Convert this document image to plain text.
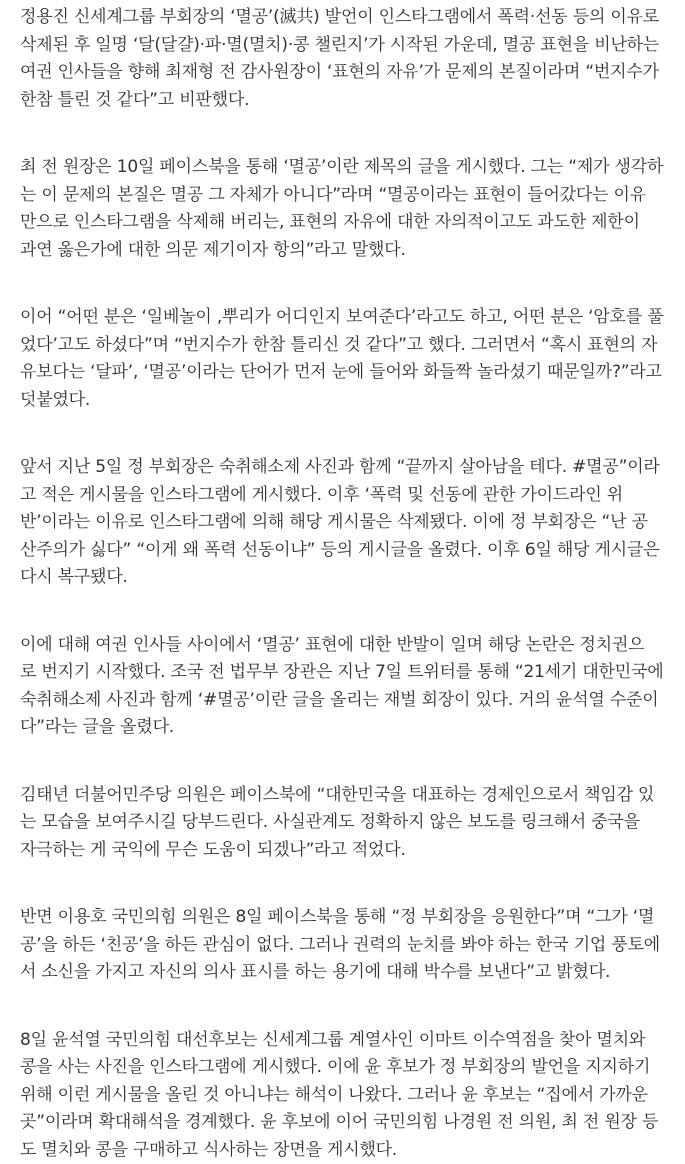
정용진 신세계그룹 부회장의 ‘멸공’(滅共) 발언이 인스타그램에서 폭력·선동 등의 이유로
삭제된 후 일명 ‘달(달걀)·파·멸(멸치)·콩 챌린지’가 시작된 가운데, 멸공 표현을 비난하는
여권 인사들을 향해 최재형 전 감사원장이 ‘표현의 자유’가 문제의 본질이라며 “번지수가
한참 틀린 것 같다”고 비판했다.

최 전 원장은 10일 페이스북을 통해 ‘멸공’이란 제목의 글을 게시했다. 그는 “제가 생각하
는 이 문제의 본질은 멸공 그 자체가 아니다”라며 “멸공이라는 표현이 들어갔다는 이유
만으로 인스타그램을 삭제해 버리는, 표현의 자유에 대한 자의적이고도 과도한 제한이
과연 옳은가에 대한 의문 제기이자 항의”라고 말했다.

이어 “어떤 분은 ‘일베놀이 ,뿌리가 어디인지 보여준다’라고도 하고, 어떤 분은 ‘암호를 풀
었다’고도 하셨다”며 “번지수가 한참 틀리신 것 같다”고 했다. 그러면서 “혹시 표현의 자
유보다는 ‘달파’, ‘멸공’이라는 단어가 먼저 눈에 들어와 화들짝 놀라셨기 때문일까?”라고
덧붙였다.

앞서 지난 5일 정 부회장은 숙취해소제 사진과 함께 “끝까지 살아남을 테다. #멸공”이라
고 적은 게시물을 인스타그램에 게시했다. 이후 ‘폭력 및 선동에 관한 가이드라인 위
반’이라는 이유로 인스타그램에 의해 해당 게시물은 삭제됐다. 이에 정 부회장은 “난 공
산주의가 싫다” “이게 왜 폭력 선동이냐” 등의 게시글을 올렸다. 이후 6일 해당 게시글은
다시 복구됐다.

이에 대해 여권 인사들 사이에서 ‘멸공’ 표현에 대한 반발이 일며 해당 논란은 정치권으
로 번지기 시작했다. 조국 전 법무부 장관은 지난 7일 트위터를 통해 “21세기 대한민국에
숙취해소제 사진과 함께 ‘#멸공’이란 글을 올리는 재벌 회장이 있다. 거의 윤석열 수준이
다”라는 글을 올렸다.

김태년 더불어민주당 의원은 페이스북에 “대한민국을 대표하는 경제인으로서 책임감 있
는 모습을 보여주시길 당부드린다. 사실관계도 정확하지 않은 보도를 링크해서 중국을
자극하는 게 국익에 무슨 도움이 되겠나”라고 적었다.

반면 이용호 국민의힘 의원은 8일 페이스북을 통해 “정 부회장을 응원한다”며 “그가 ‘멸
공’을 하든 ‘친공’을 하든 관심이 없다. 그러나 권력의 눈치를 봐야 하는 한국 기업 풍토에
서 소신을 가지고 자신의 의사 표시를 하는 용기에 대해 박수를 보낸다”고 밝혔다.

8일 윤석열 국민의힘 대선후보는 신세계그룹 계열사인 이마트 이수역점을 찾아 멸치와
콩을 사는 사진을 인스타그램에 게시했다. 이에 윤 후보가 정 부회장의 발언을 지지하기
위해 이런 게시물을 올린 것 아니냐는 해석이 나왔다. 그러나 윤 후보는 “집에서 가까운
곳”이라며 확대해석을 경계했다. 윤 후보에 이어 국민의힘 나경원 전 의원, 최 전 원장 등
도 멸치와 콩을 구매하고 식사하는 장면을 게시했다.
